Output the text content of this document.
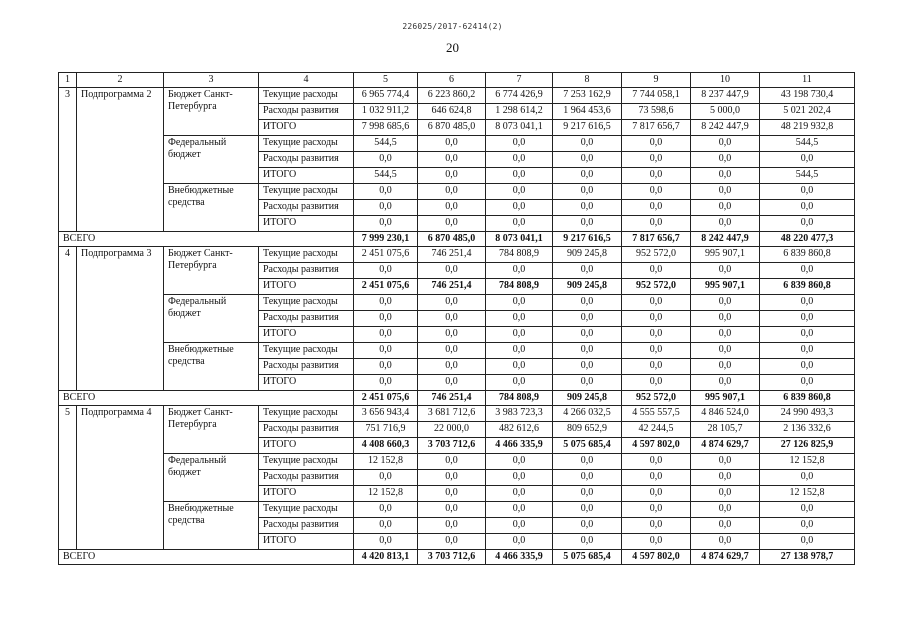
226025/2017-62414(2)
20
1	2	3	4	5	6	7	8	9	10	11
3	Подпрограмма 2	Бюджет Санкт-Петербурга	Текущие расходы	6 965 774,4	6 223 860,2	6 774 426,9	7 253 162,9	7 744 058,1	8 237 447,9	43 198 730,4
			Расходы развития	1 032 911,2	646 624,8	1 298 614,2	1 964 453,6	73 598,6	5 000,0	5 021 202,4
			ИТОГО	7 998 685,6	6 870 485,0	8 073 041,1	9 217 616,5	7 817 656,7	8 242 447,9	48 219 932,8
		Федеральный бюджет	Текущие расходы	544,5	0,0	0,0	0,0	0,0	0,0	544,5
			Расходы развития	0,0	0,0	0,0	0,0	0,0	0,0	0,0
			ИТОГО	544,5	0,0	0,0	0,0	0,0	0,0	544,5
		Внебюджетные средства	Текущие расходы	0,0	0,0	0,0	0,0	0,0	0,0	0,0
			Расходы развития	0,0	0,0	0,0	0,0	0,0	0,0	0,0
			ИТОГО	0,0	0,0	0,0	0,0	0,0	0,0	0,0
ВСЕГО				7 999 230,1	6 870 485,0	8 073 041,1	9 217 616,5	7 817 656,7	8 242 447,9	48 220 477,3
4	Подпрограмма 3	Бюджет Санкт-Петербурга	Текущие расходы	2 451 075,6	746 251,4	784 808,9	909 245,8	952 572,0	995 907,1	6 839 860,8
			Расходы развития	0,0	0,0	0,0	0,0	0,0	0,0	0,0
			ИТОГО	2 451 075,6	746 251,4	784 808,9	909 245,8	952 572,0	995 907,1	6 839 860,8
		Федеральный бюджет	Текущие расходы	0,0	0,0	0,0	0,0	0,0	0,0	0,0
			Расходы развития	0,0	0,0	0,0	0,0	0,0	0,0	0,0
			ИТОГО	0,0	0,0	0,0	0,0	0,0	0,0	0,0
		Внебюджетные средства	Текущие расходы	0,0	0,0	0,0	0,0	0,0	0,0	0,0
			Расходы развития	0,0	0,0	0,0	0,0	0,0	0,0	0,0
			ИТОГО	0,0	0,0	0,0	0,0	0,0	0,0	0,0
ВСЕГО				2 451 075,6	746 251,4	784 808,9	909 245,8	952 572,0	995 907,1	6 839 860,8
5	Подпрограмма 4	Бюджет Санкт-Петербурга	Текущие расходы	3 656 943,4	3 681 712,6	3 983 723,3	4 266 032,5	4 555 557,5	4 846 524,0	24 990 493,3
			Расходы развития	751 716,9	22 000,0	482 612,6	809 652,9	42 244,5	28 105,7	2 136 332,6
			ИТОГО	4 408 660,3	3 703 712,6	4 466 335,9	5 075 685,4	4 597 802,0	4 874 629,7	27 126 825,9
		Федеральный бюджет	Текущие расходы	12 152,8	0,0	0,0	0,0	0,0	0,0	12 152,8
			Расходы развития	0,0	0,0	0,0	0,0	0,0	0,0	0,0
			ИТОГО	12 152,8	0,0	0,0	0,0	0,0	0,0	12 152,8
		Внебюджетные средства	Текущие расходы	0,0	0,0	0,0	0,0	0,0	0,0	0,0
			Расходы развития	0,0	0,0	0,0	0,0	0,0	0,0	0,0
			ИТОГО	0,0	0,0	0,0	0,0	0,0	0,0	0,0
ВСЕГО				4 420 813,1	3 703 712,6	4 466 335,9	5 075 685,4	4 597 802,0	4 874 629,7	27 138 978,7
